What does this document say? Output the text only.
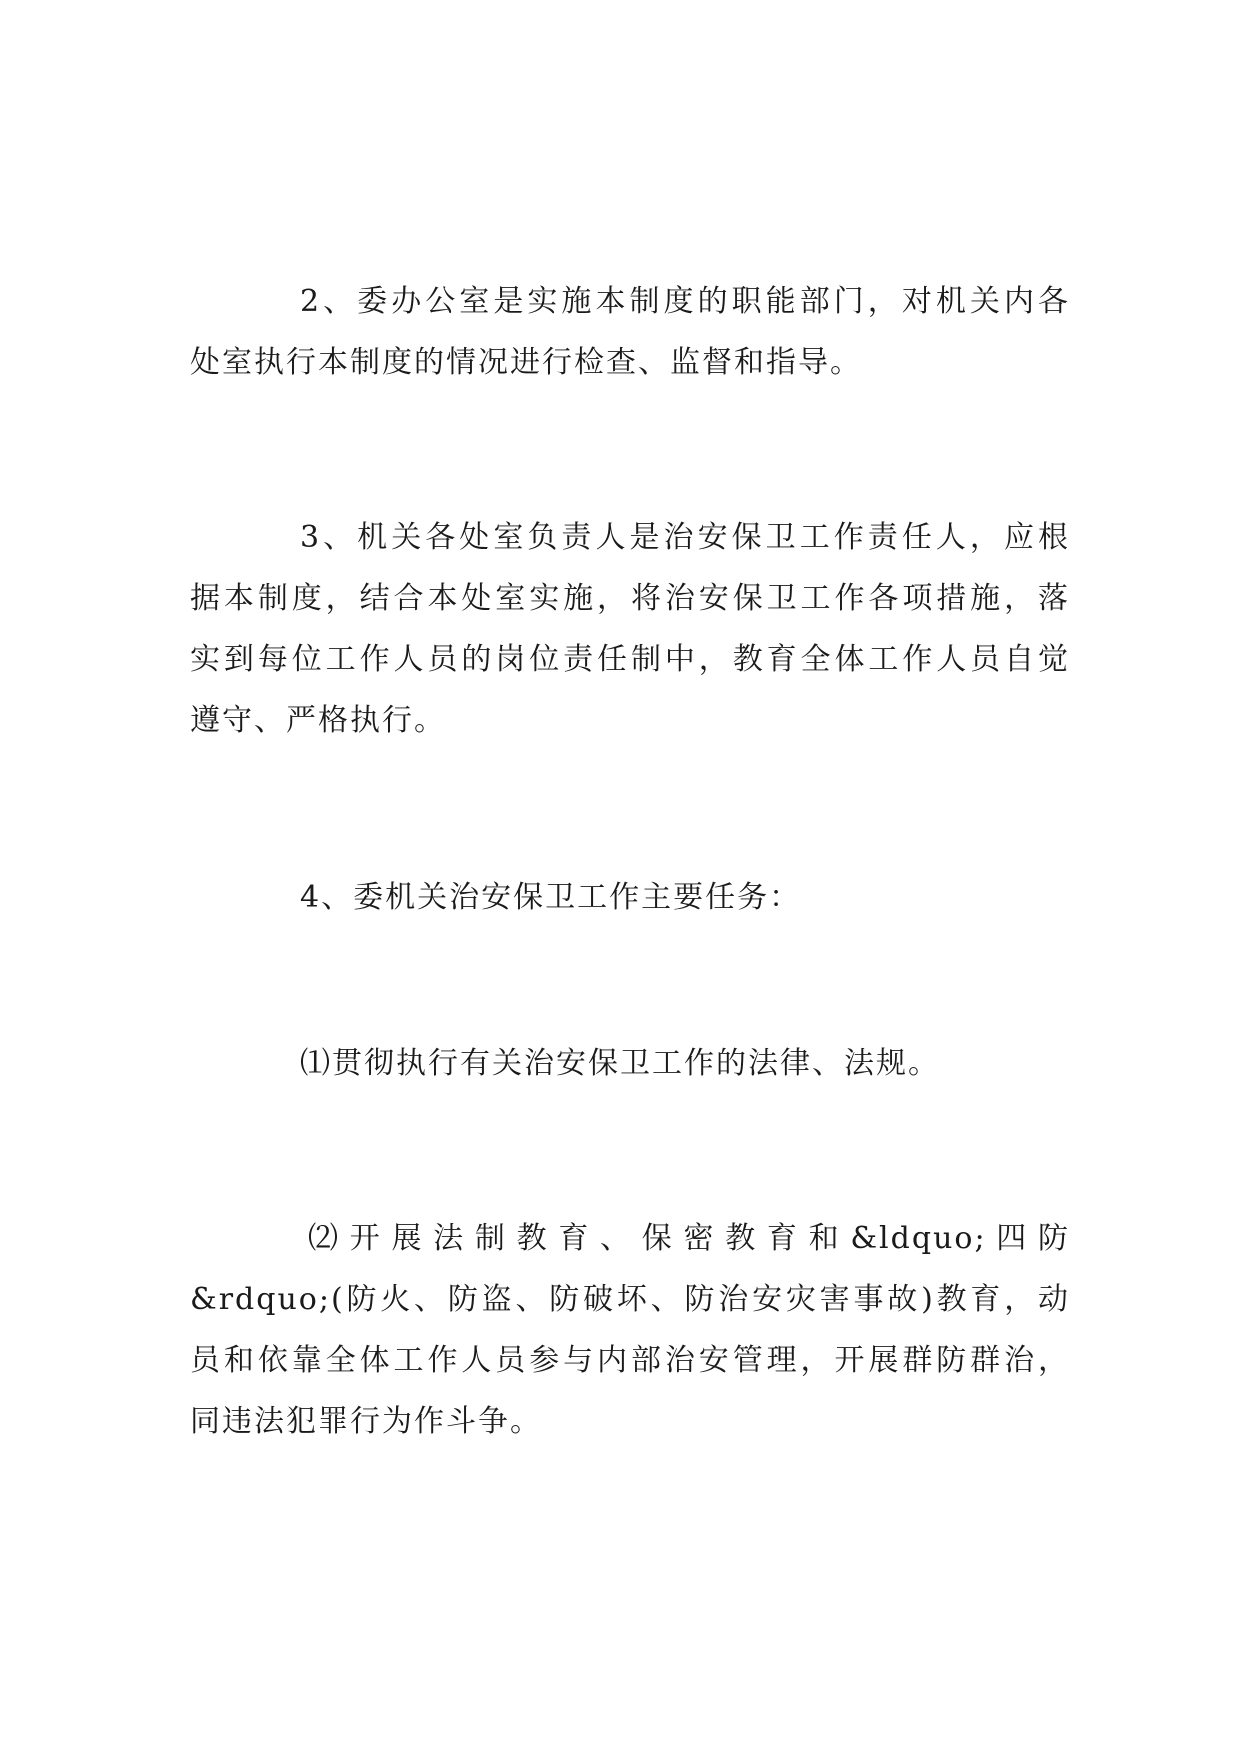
2、委办公室是实施本制度的职能部门，对机关内各
处室执行本制度的情况进行检查、监督和指导。
3、机关各处室负责人是治安保卫工作责任人，应根
据本制度，结合本处室实施，将治安保卫工作各项措施，落
实到每位工作人员的岗位责任制中，教育全体工作人员自觉
遵守、严格执行。
4、委机关治安保卫工作主要任务：
⑴贯彻执行有关治安保卫工作的法律、法规。
⑵开展法制教育、保密教育和&ldquo;四防
&rdquo;(防火、防盗、防破坏、防治安灾害事故)教育，动
员和依靠全体工作人员参与内部治安管理，开展群防群治，
同违法犯罪行为作斗争。
